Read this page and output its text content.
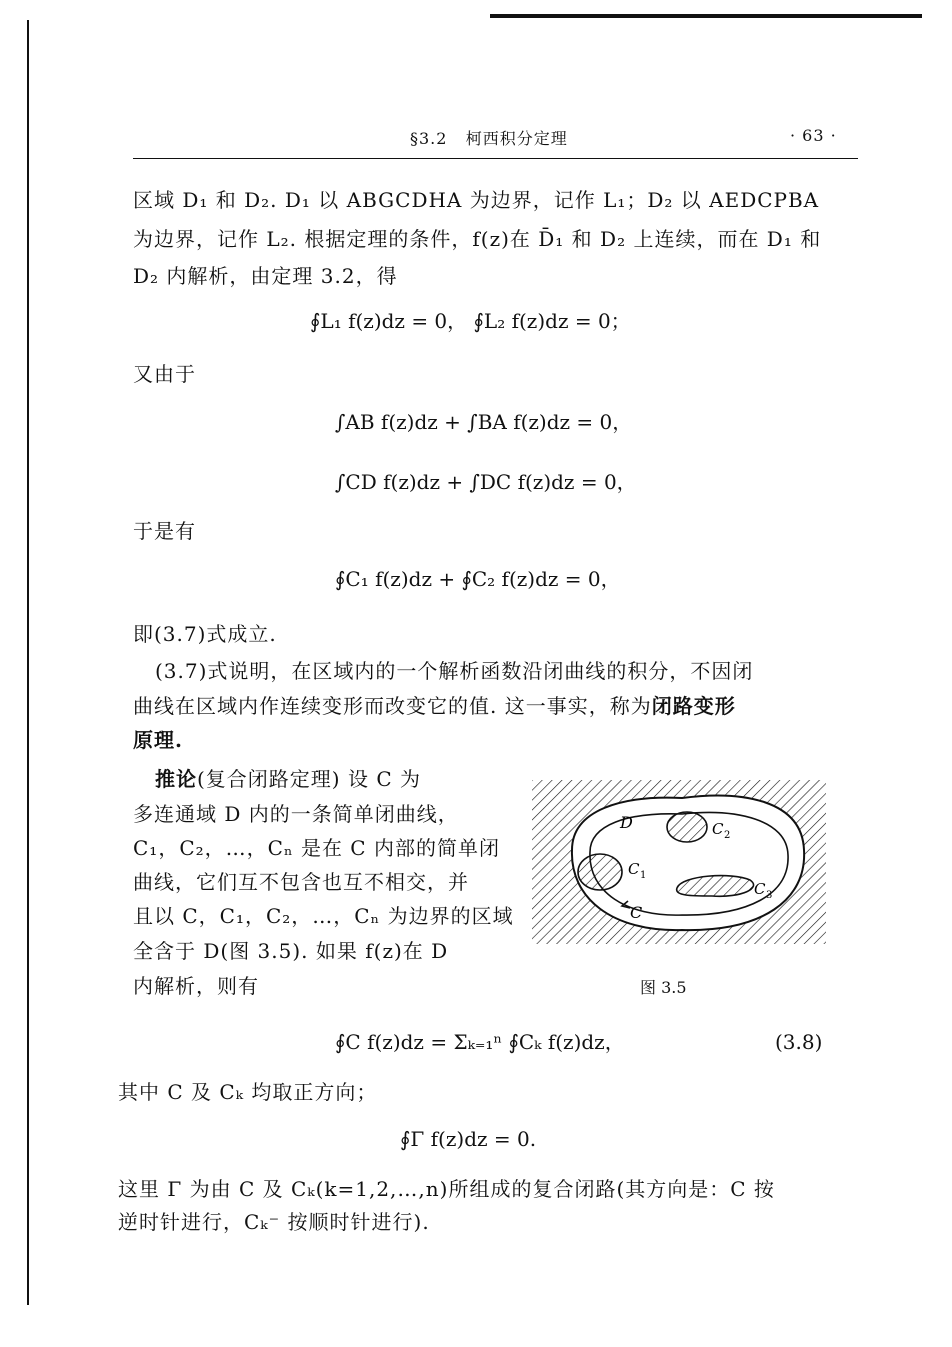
§3.2 柯西积分定理	· 63 ·
区域 D₁ 和 D₂. D₁ 以 ABGCDHA 为边界，记作 L₁；D₂ 以 AEDCPBA
为边界，记作 L₂. 根据定理的条件，f(z)在 D̄₁ 和 D₂ 上连续，而在 D₁ 和
D₂ 内解析，由定理 3.2，得
∮L₁ f(z)dz = 0， ∮L₂ f(z)dz = 0；
又由于
∫AB f(z)dz + ∫BA f(z)dz = 0，
∫CD f(z)dz + ∫DC f(z)dz = 0，
于是有
∮C₁ f(z)dz + ∮C₂ f(z)dz = 0，
即(3.7)式成立.
(3.7)式说明，在区域内的一个解析函数沿闭曲线的积分，不因闭
曲线在区域内作连续变形而改变它的值. 这一事实，称为闭路变形
原理.
推论(复合闭路定理) 设 C 为
多连通域 D 内的一条简单闭曲线，
C₁，C₂，…，Cₙ 是在 C 内部的简单闭
曲线，它们互不包含也互不相交，并
且以 C，C₁，C₂，…，Cₙ 为边界的区域
全含于 D(图 3.5). 如果 f(z)在 D
内解析，则有
D
C
C 1
C 2
C 3
图 3.5
∮C f(z)dz = Σₖ₌₁ⁿ ∮Cₖ f(z)dz，	(3.8)
其中 C 及 Cₖ 均取正方向；
∮Γ f(z)dz = 0.
这里 Γ 为由 C 及 Cₖ(k=1,2,…,n)所组成的复合闭路(其方向是：C 按
逆时针进行，Cₖ⁻ 按顺时针进行).
